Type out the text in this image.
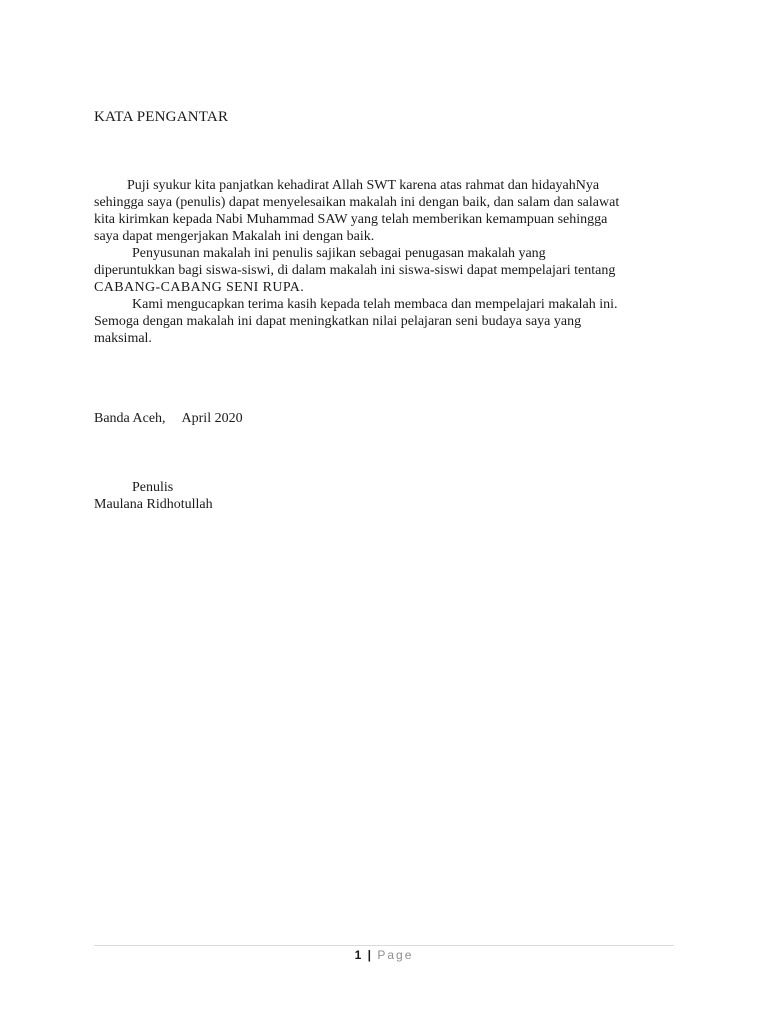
KATA PENGANTAR

Puji syukur kita panjatkan kehadirat Allah SWT karena atas rahmat dan hidayahNya
sehingga saya (penulis) dapat menyelesaikan makalah ini dengan baik, dan salam dan salawat
kita kirimkan kepada Nabi Muhammad SAW yang telah memberikan kemampuan sehingga
saya dapat mengerjakan Makalah ini dengan baik.

Penyusunan makalah ini penulis sajikan sebagai penugasan makalah yang
diperuntukkan bagi siswa-siswi, di dalam makalah ini siswa-siswi dapat mempelajari tentang
CABANG-CABANG SENI RUPA.

Kami mengucapkan terima kasih kepada telah membaca dan mempelajari makalah ini.
Semoga dengan makalah ini dapat meningkatkan nilai pelajaran seni budaya saya yang
maksimal.

Banda Aceh, April 2020
Penulis
Maulana Ridhotullah
1 | Page
